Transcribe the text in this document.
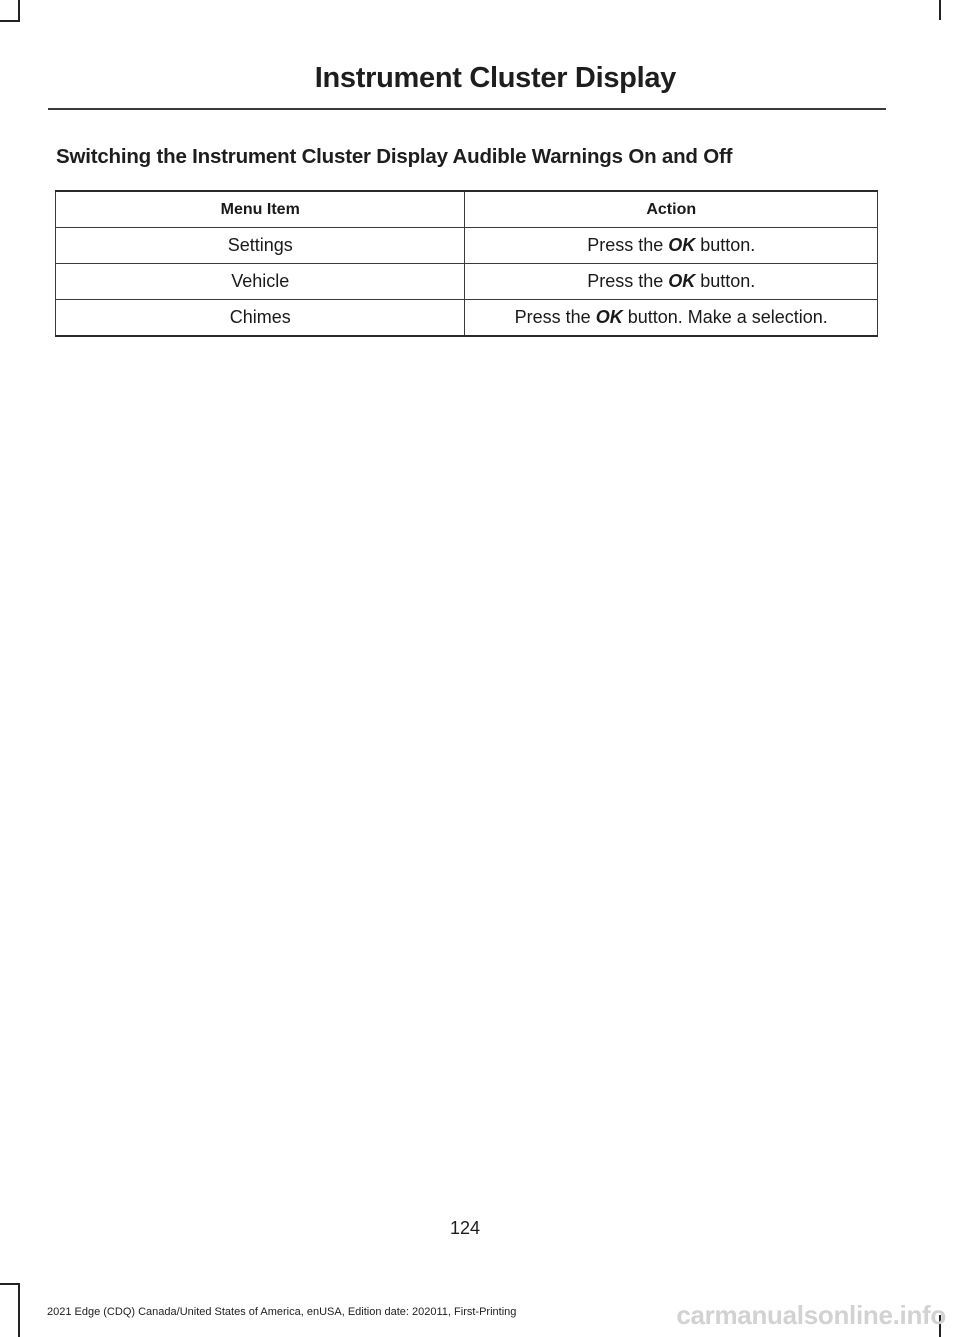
Instrument Cluster Display
Switching the Instrument Cluster Display Audible Warnings On and Off
Menu Item	Action
Settings	Press the OK button.
Vehicle	Press the OK button.
Chimes	Press the OK button. Make a selection.
124
2021 Edge (CDQ) Canada/United States of America, enUSA, Edition date: 202011, First-Printing	carmanualsonline.info
